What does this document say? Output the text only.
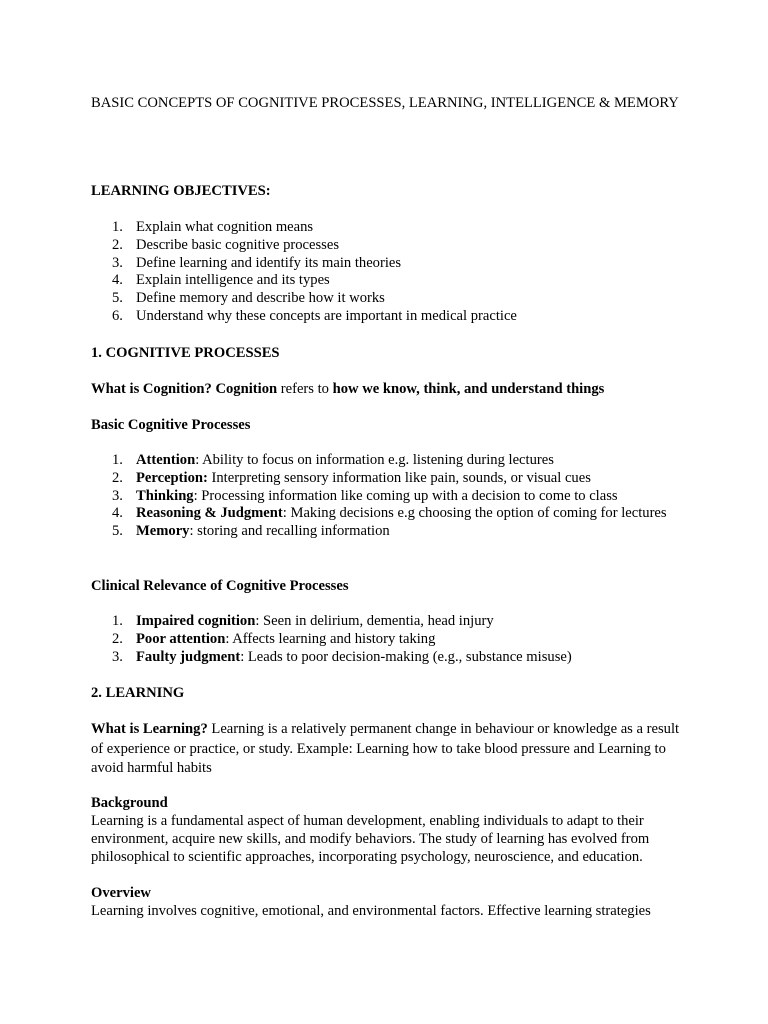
BASIC CONCEPTS OF COGNITIVE PROCESSES, LEARNING, INTELLIGENCE & MEMORY

LEARNING OBJECTIVES:

1. Explain what cognition means
2. Describe basic cognitive processes
3. Define learning and identify its main theories
4. Explain intelligence and its types
5. Define memory and describe how it works
6. Understand why these concepts are important in medical practice

1. COGNITIVE PROCESSES

What is Cognition? Cognition refers to how we know, think, and understand things

Basic Cognitive Processes

1. Attention: Ability to focus on information e.g. listening during lectures
2. Perception: Interpreting sensory information like pain, sounds, or visual cues
3. Thinking: Processing information like coming up with a decision to come to class
4. Reasoning & Judgment: Making decisions e.g choosing the option of coming for lectures
5. Memory: storing and recalling information

Clinical Relevance of Cognitive Processes

1. Impaired cognition: Seen in delirium, dementia, head injury
2. Poor attention: Affects learning and history taking
3. Faulty judgment: Leads to poor decision-making (e.g., substance misuse)

2. LEARNING

What is Learning? Learning is a relatively permanent change in behaviour or knowledge as a result of experience or practice, or study. Example: Learning how to take blood pressure and Learning to avoid harmful habits

Background

Learning is a fundamental aspect of human development, enabling individuals to adapt to their environment, acquire new skills, and modify behaviors. The study of learning has evolved from philosophical to scientific approaches, incorporating psychology, neuroscience, and education.

Overview

Learning involves cognitive, emotional, and environmental factors. Effective learning strategies
